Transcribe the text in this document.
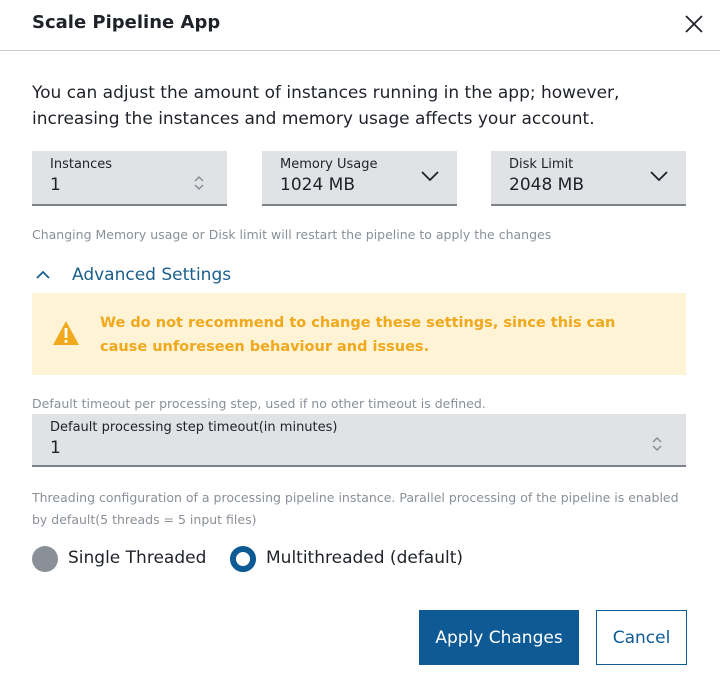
Scale Pipeline App
You can adjust the amount of instances running in the app; however, increasing the instances and memory usage affects your account.
Instances
1
Memory Usage
1024 MB
Disk Limit
2048 MB
Changing Memory usage or Disk limit will restart the pipeline to apply the changes
Advanced Settings
We do not recommend to change these settings, since this can cause unforeseen behaviour and issues.
Default timeout per processing step, used if no other timeout is defined.
Default processing step timeout(in minutes)
1
Threading configuration of a processing pipeline instance. Parallel processing of the pipeline is enabled by default(5 threads = 5 input files)
Single Threaded	Multithreaded (default)
Apply Changes	Cancel
